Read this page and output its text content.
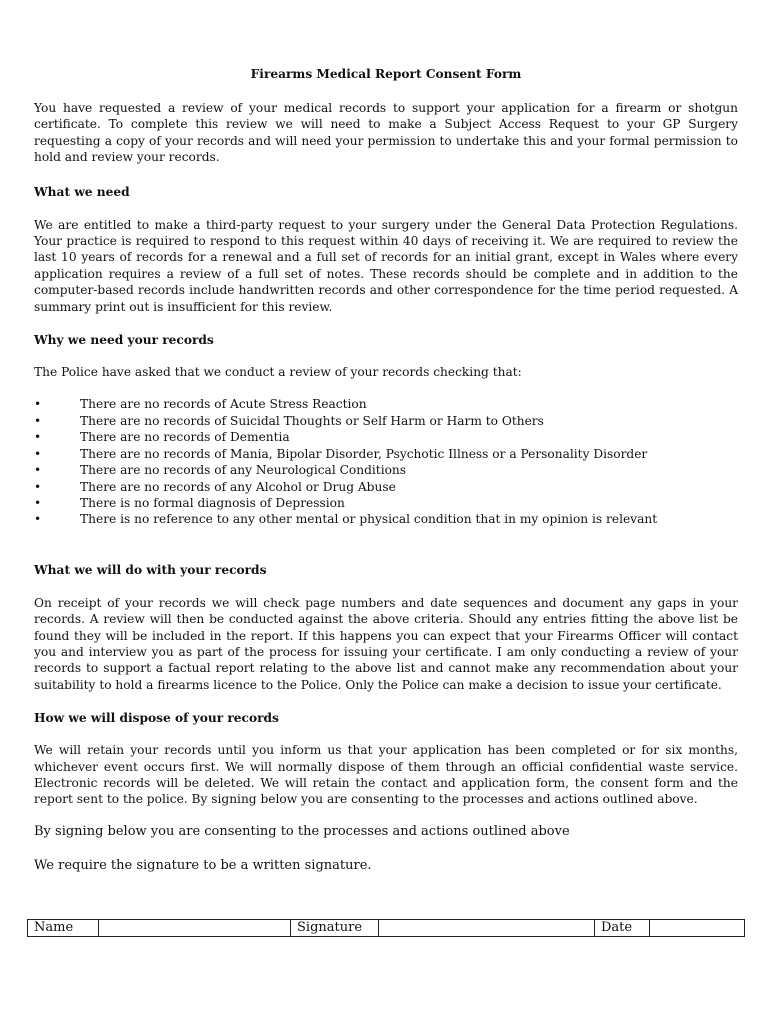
Firearms Medical Report Consent Form

You have requested a review of your medical records to support your application for a firearm or shotgun certificate. To complete this review we will need to make a Subject Access Request to your GP Surgery requesting a copy of your records and will need your permission to undertake this and your formal permission to hold and review your records.

What we need

We are entitled to make a third-party request to your surgery under the General Data Protection Regulations. Your practice is required to respond to this request within 40 days of receiving it. We are required to review the last 10 years of records for a renewal and a full set of records for an initial grant, except in Wales where every application requires a review of a full set of notes. These records should be complete and in addition to the computer-based records include handwritten records and other correspondence for the time period requested. A summary print out is insufficient for this review.

Why we need your records

The Police have asked that we conduct a review of your records checking that:

•	There are no records of Acute Stress Reaction
•	There are no records of Suicidal Thoughts or Self Harm or Harm to Others
•	There are no records of Dementia
•	There are no records of Mania, Bipolar Disorder, Psychotic Illness or a Personality Disorder
•	There are no records of any Neurological Conditions
•	There are no records of any Alcohol or Drug Abuse
•	There is no formal diagnosis of Depression
•	There is no reference to any other mental or physical condition that in my opinion is relevant
What we will do with your records

On receipt of your records we will check page numbers and date sequences and document any gaps in your records. A review will then be conducted against the above criteria. Should any entries fitting the above list be found they will be included in the report. If this happens you can expect that your Firearms Officer will contact you and interview you as part of the process for issuing your certificate. I am only conducting a review of your records to support a factual report relating to the above list and cannot make any recommendation about your suitability to hold a firearms licence to the Police. Only the Police can make a decision to issue your certificate.

How we will dispose of your records

We will retain your records until you inform us that your application has been completed or for six months, whichever event occurs first. We will normally dispose of them through an official confidential waste service. Electronic records will be deleted. We will retain the contact and application form, the consent form and the report sent to the police. By signing below you are consenting to the processes and actions outlined above.

By signing below you are consenting to the processes and actions outlined above

We require the signature to be a written signature.

Name		Signature		Date	
